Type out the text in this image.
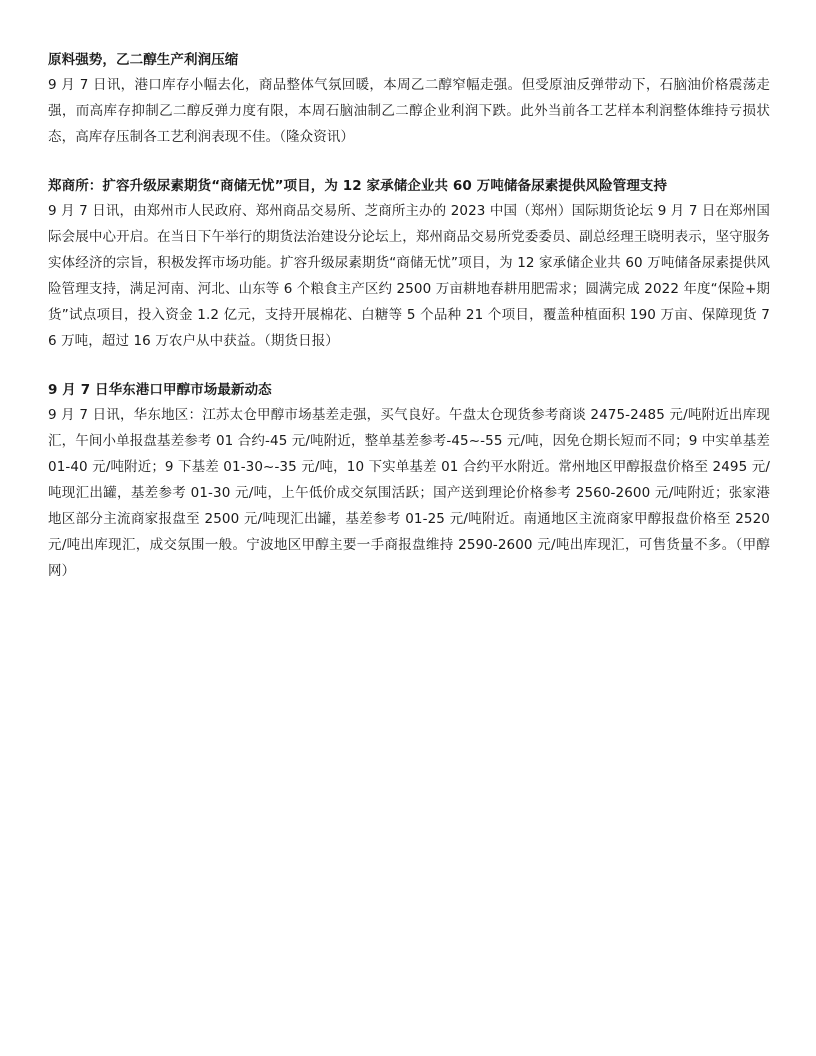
原料强势，乙二醇生产利润压缩

9 月 7 日讯，港口库存小幅去化，商品整体气氛回暖，本周乙二醇窄幅走强。但受原油反弹带动下，石脑油价格震荡走强，而高库存抑制乙二醇反弹力度有限，本周石脑油制乙二醇企业利润下跌。此外当前各工艺样本利润整体维持亏损状态，高库存压制各工艺利润表现不佳。（隆众资讯）

郑商所：扩容升级尿素期货“商储无忧”项目，为 12 家承储企业共 60 万吨储备尿素提供风险管理支持

9 月 7 日讯，由郑州市人民政府、郑州商品交易所、芝商所主办的 2023 中国（郑州）国际期货论坛 9 月 7 日在郑州国际会展中心开启。在当日下午举行的期货法治建设分论坛上，郑州商品交易所党委委员、副总经理王晓明表示，坚守服务实体经济的宗旨，积极发挥市场功能。扩容升级尿素期货“商储无忧”项目，为 12 家承储企业共 60 万吨储备尿素提供风险管理支持，满足河南、河北、山东等 6 个粮食主产区约 2500 万亩耕地春耕用肥需求；圆满完成 2022 年度“保险+期货”试点项目，投入资金 1.2 亿元，支持开展棉花、白糖等 5 个品种 21 个项目，覆盖种植面积 190 万亩、保障现货 76 万吨，超过 16 万农户从中获益。（期货日报）

9 月 7 日华东港口甲醇市场最新动态

9 月 7 日讯，华东地区：江苏太仓甲醇市场基差走强，买气良好。午盘太仓现货参考商谈 2475-2485 元/吨附近出库现汇，午间小单报盘基差参考 01 合约-45 元/吨附近，整单基差参考-45~-55 元/吨，因免仓期长短而不同；9 中实单基差 01-40 元/吨附近；9 下基差 01-30~-35 元/吨，10 下实单基差 01 合约平水附近。常州地区甲醇报盘价格至 2495 元/吨现汇出罐，基差参考 01-30 元/吨，上午低价成交氛围活跃；国产送到理论价格参考 2560-2600 元/吨附近；张家港地区部分主流商家报盘至 2500 元/吨现汇出罐，基差参考 01-25 元/吨附近。南通地区主流商家甲醇报盘价格至 2520 元/吨出库现汇，成交氛围一般。宁波地区甲醇主要一手商报盘维持 2590-2600 元/吨出库现汇，可售货量不多。（甲醇网）
